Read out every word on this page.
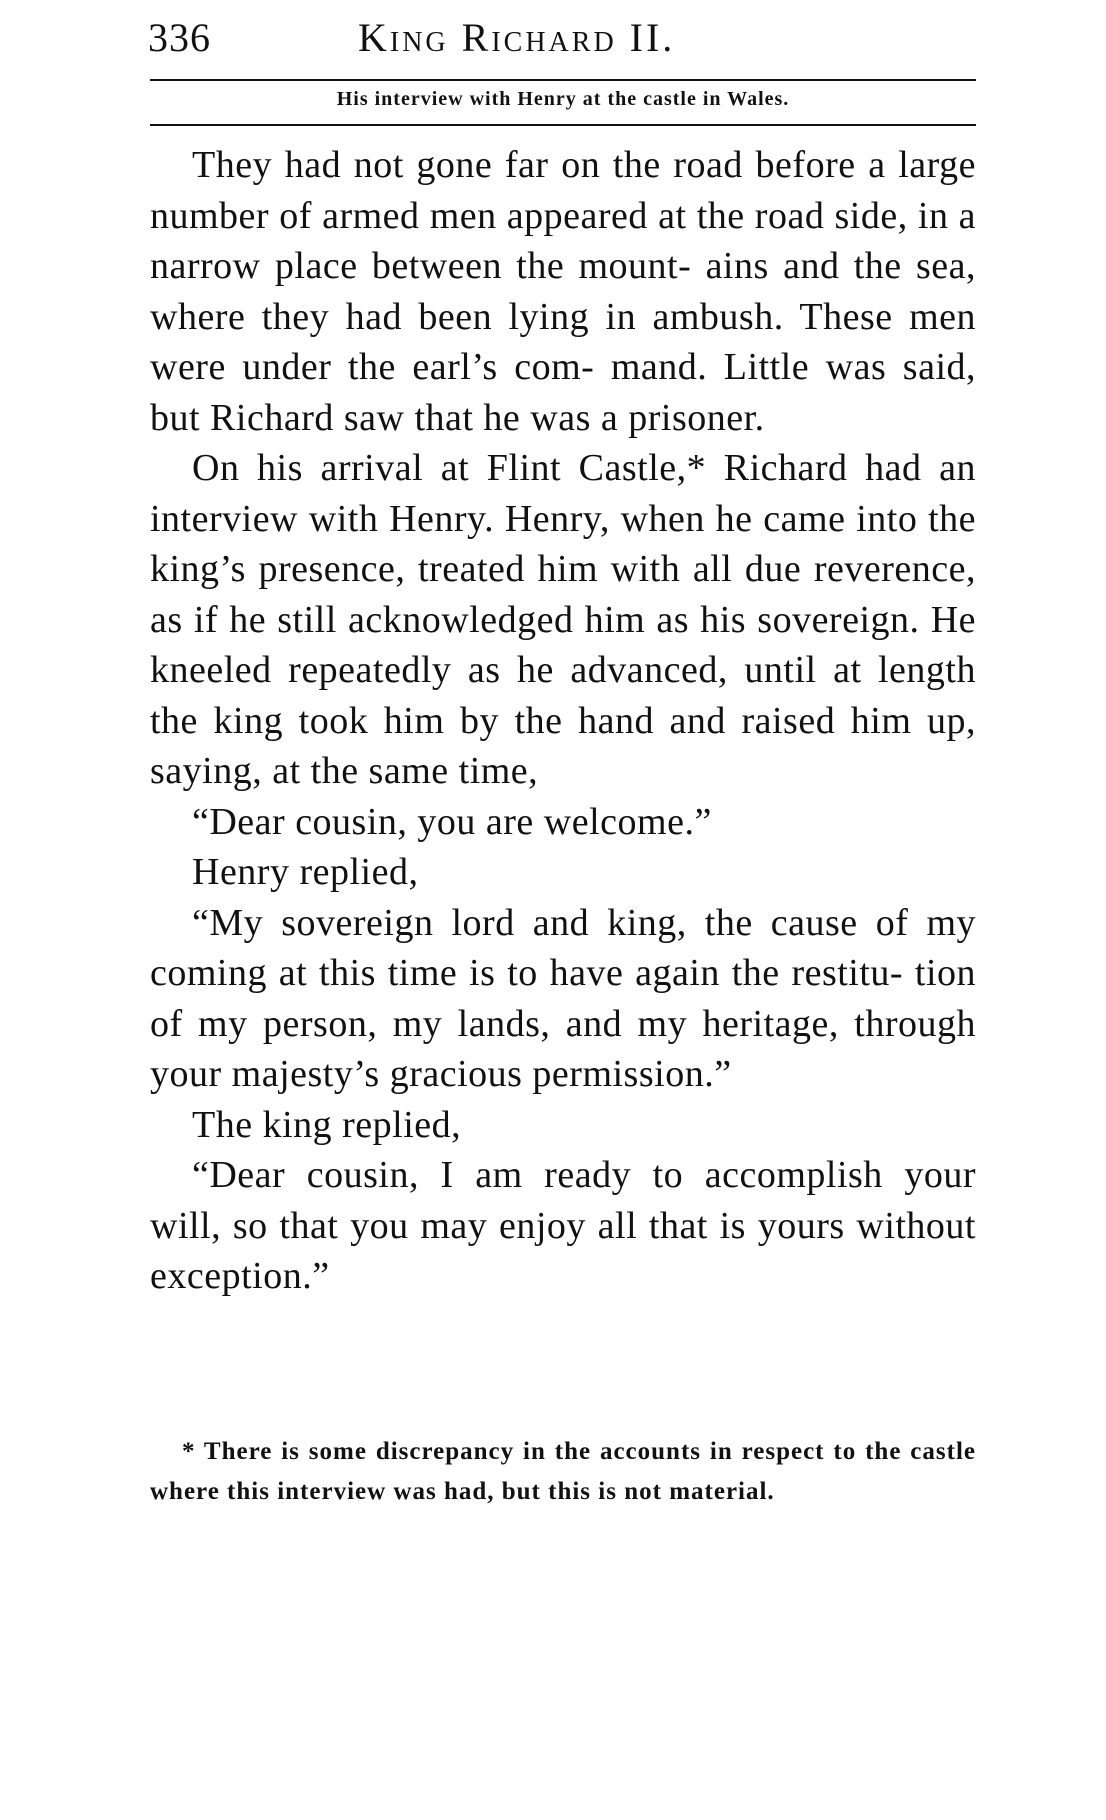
336	King Richard II.
His interview with Henry at the castle in Wales.

They had not gone far on the road before a large number of armed men appeared at the road side, in a narrow place between the mount- ains and the sea, where they had been lying in ambush. These men were under the earl’s com- mand. Little was said, but Richard saw that he was a prisoner.

On his arrival at Flint Castle,* Richard had an interview with Henry. Henry, when he came into the king’s presence, treated him with all due reverence, as if he still acknowledged him as his sovereign. He kneeled repeatedly as he advanced, until at length the king took him by the hand and raised him up, saying, at the same time,

“Dear cousin, you are welcome.”

Henry replied,

“My sovereign lord and king, the cause of my coming at this time is to have again the restitu- tion of my person, my lands, and my heritage, through your majesty’s gracious permission.”

The king replied,

“Dear cousin, I am ready to accomplish your will, so that you may enjoy all that is yours without exception.”

* There is some discrepancy in the accounts in respect to the castle where this interview was had, but this is not material.
